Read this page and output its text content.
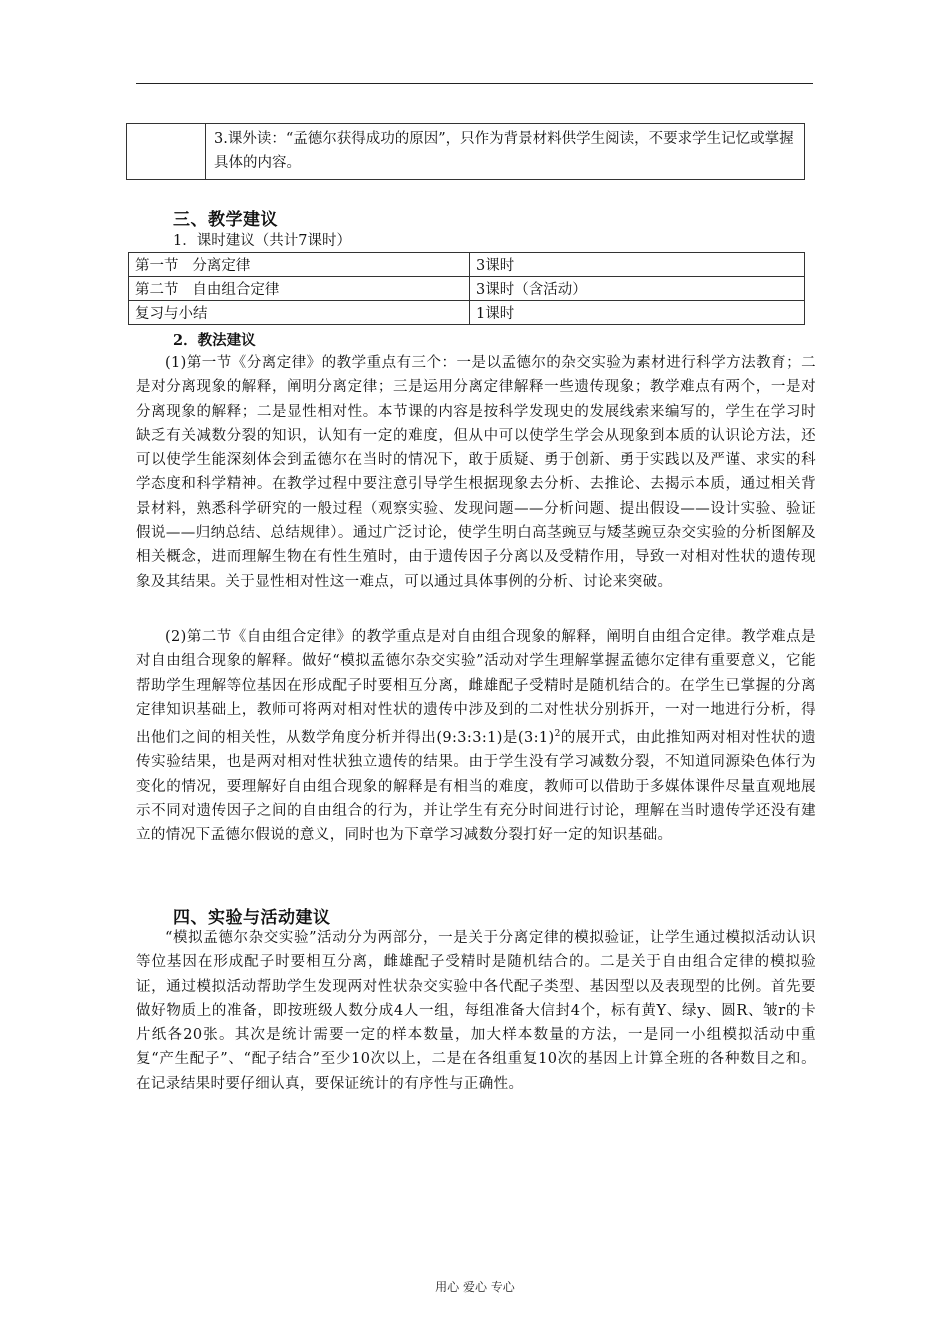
	3.课外读：“孟德尔获得成功的原因”，只作为背景材料供学生阅读，不要求学生记忆或掌握具体的内容。
三、教学建议
1．课时建议（共计7课时）
第一节   分离定律	3课时
第二节   自由组合定律	3课时（含活动）
复习与小结	1课时
2．教法建议

(1)第一节《分离定律》的教学重点有三个：一是以孟德尔的杂交实验为素材进行科学方法教育；二是对分离现象的解释，阐明分离定律；三是运用分离定律解释一些遗传现象；教学难点有两个，一是对分离现象的解释；二是显性相对性。本节课的内容是按科学发现史的发展线索来编写的，学生在学习时缺乏有关减数分裂的知识，认知有一定的难度，但从中可以使学生学会从现象到本质的认识论方法，还可以使学生能深刻体会到孟德尔在当时的情况下，敢于质疑、勇于创新、勇于实践以及严谨、求实的科学态度和科学精神。在教学过程中要注意引导学生根据现象去分析、去推论、去揭示本质，通过相关背景材料，熟悉科学研究的一般过程（观察实验、发现问题——分析问题、提出假设——设计实验、验证假说——归纳总结、总结规律）。通过广泛讨论，使学生明白高茎豌豆与矮茎豌豆杂交实验的分析图解及相关概念，进而理解生物在有性生殖时，由于遗传因子分离以及受精作用，导致一对相对性状的遗传现象及其结果。关于显性相对性这一难点，可以通过具体事例的分析、讨论来突破。

(2)第二节《自由组合定律》的教学重点是对自由组合现象的解释，阐明自由组合定律。教学难点是对自由组合现象的解释。做好“模拟孟德尔杂交实验”活动对学生理解掌握孟德尔定律有重要意义，它能帮助学生理解等位基因在形成配子时要相互分离，雌雄配子受精时是随机结合的。在学生已掌握的分离定律知识基础上，教师可将两对相对性状的遗传中涉及到的二对性状分别拆开，一对一地进行分析，得出他们之间的相关性，从数学角度分析并得出(9:3:3:1)是(3:1)$^2$的展开式，由此推知两对相对性状的遗传实验结果，也是两对相对性状独立遗传的结果。由于学生没有学习减数分裂，不知道同源染色体行为变化的情况，要理解好自由组合现象的解释是有相当的难度，教师可以借助于多媒体课件尽量直观地展示不同对遗传因子之间的自由组合的行为，并让学生有充分时间进行讨论，理解在当时遗传学还没有建立的情况下孟德尔假说的意义，同时也为下章学习减数分裂打好一定的知识基础。

四、实验与活动建议

“模拟孟德尔杂交实验”活动分为两部分，一是关于分离定律的模拟验证，让学生通过模拟活动认识等位基因在形成配子时要相互分离，雌雄配子受精时是随机结合的。二是关于自由组合定律的模拟验证，通过模拟活动帮助学生发现两对性状杂交实验中各代配子类型、基因型以及表现型的比例。首先要做好物质上的准备，即按班级人数分成4人一组，每组准备大信封4个，标有黄Y、绿y、圆R、皱r的卡片纸各20张。其次是统计需要一定的样本数量，加大样本数量的方法，一是同一小组模拟活动中重复“产生配子”、“配子结合”至少10次以上，二是在各组重复10次的基因上计算全班的各种数目之和。在记录结果时要仔细认真，要保证统计的有序性与正确性。

用心 爱心 专心
